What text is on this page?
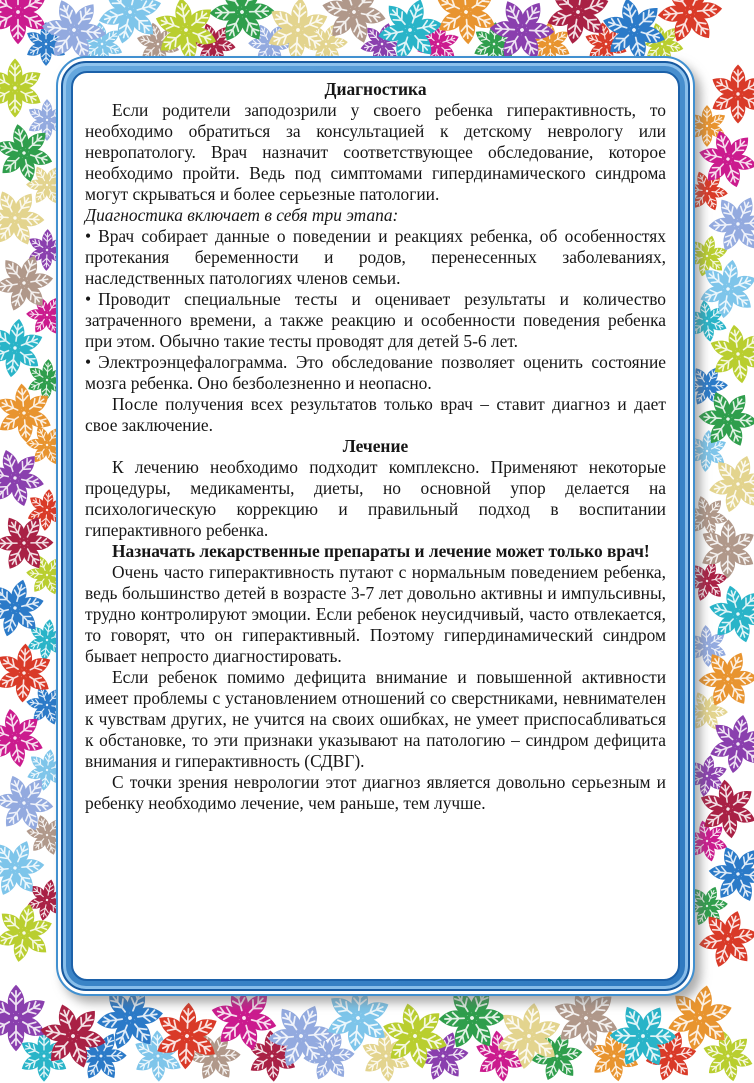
Диагностика

Если родители заподозрили у своего ребенка гиперактивность, то необходимо обратиться за консультацией к детскому неврологу или невропатологу. Врач назначит соответствующее обследование, которое необходимо пройти. Ведь под симптомами гипердинамического синдрома могут скрываться и более серьезные патологии.

Диагностика включает в себя три этапа:

• Врач собирает данные о поведении и реакциях ребенка, об особенностях протекания беременности и родов, перенесенных заболеваниях, наследственных патологиях членов семьи.

• Проводит специальные тесты и оценивает результаты и количество затраченного времени, а также реакцию и особенности поведения ребенка при этом. Обычно такие тесты проводят для детей 5-6 лет.

• Электроэнцефалограмма. Это обследование позволяет оценить состояние мозга ребенка. Оно безболезненно и неопасно.

После получения всех результатов только врач – ставит диагноз и дает свое заключение.

Лечение

К лечению необходимо подходит комплексно. Применяют некоторые процедуры, медикаменты, диеты, но основной упор делается на психологическую коррекцию и правильный подход в воспитании гиперактивного ребенка.

Назначать лекарственные препараты и лечение может только врач!

Очень часто гиперактивность путают с нормальным поведением ребенка, ведь большинство детей в возрасте 3-7 лет довольно активны и импульсивны, трудно контролируют эмоции. Если ребенок неусидчивый, часто отвлекается, то говорят, что он гиперактивный. Поэтому гипердинамический синдром бывает непросто диагностировать.

Если ребенок помимо дефицита внимание и повышенной активности имеет проблемы с установлением отношений со сверстниками, невнимателен к чувствам других, не учится на своих ошибках, не умеет приспосабливаться к обстановке, то эти признаки указывают на патологию – синдром дефицита внимания и гиперактивность (СДВГ).

С точки зрения неврологии этот диагноз является довольно серьезным и ребенку необходимо лечение, чем раньше, тем лучше.
